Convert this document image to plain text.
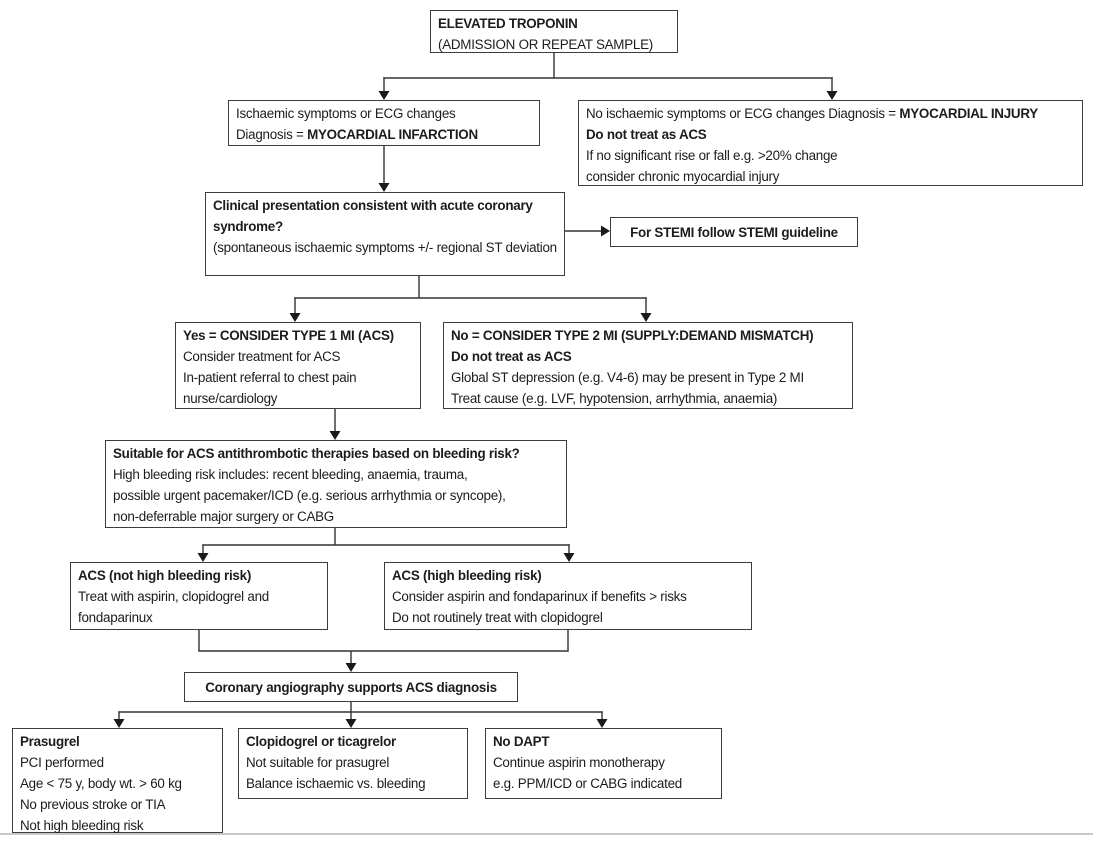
ELEVATED TROPONIN
(ADMISSION OR REPEAT SAMPLE)
Ischaemic symptoms or ECG changes
Diagnosis = MYOCARDIAL INFARCTION
No ischaemic symptoms or ECG changes Diagnosis = MYOCARDIAL INJURY
Do not treat as ACS
If no significant rise or fall e.g. >20% change
consider chronic myocardial injury
Clinical presentation consistent with acute coronary syndrome?
(spontaneous ischaemic symptoms +/- regional ST deviation
For STEMI follow STEMI guideline
Yes = CONSIDER TYPE 1 MI (ACS)
Consider treatment for ACS
In-patient referral to chest pain nurse/cardiology
No = CONSIDER TYPE 2 MI (SUPPLY:DEMAND MISMATCH)
Do not treat as ACS
Global ST depression (e.g. V4-6) may be present in Type 2 MI
Treat cause (e.g. LVF, hypotension, arrhythmia, anaemia)
Suitable for ACS antithrombotic therapies based on bleeding risk?
High bleeding risk includes: recent bleeding, anaemia, trauma,
possible urgent pacemaker/ICD (e.g. serious arrhythmia or syncope),
non-deferrable major surgery or CABG
ACS (not high bleeding risk)
Treat with aspirin, clopidogrel and fondaparinux
ACS (high bleeding risk)
Consider aspirin and fondaparinux if benefits > risks
Do not routinely treat with clopidogrel
Coronary angiography supports ACS diagnosis
Prasugrel
PCI performed
Age < 75 y, body wt. > 60 kg
No previous stroke or TIA
Not high bleeding risk
Clopidogrel or ticagrelor
Not suitable for prasugrel
Balance ischaemic vs. bleeding
No DAPT
Continue aspirin monotherapy
e.g. PPM/ICD or CABG indicated
